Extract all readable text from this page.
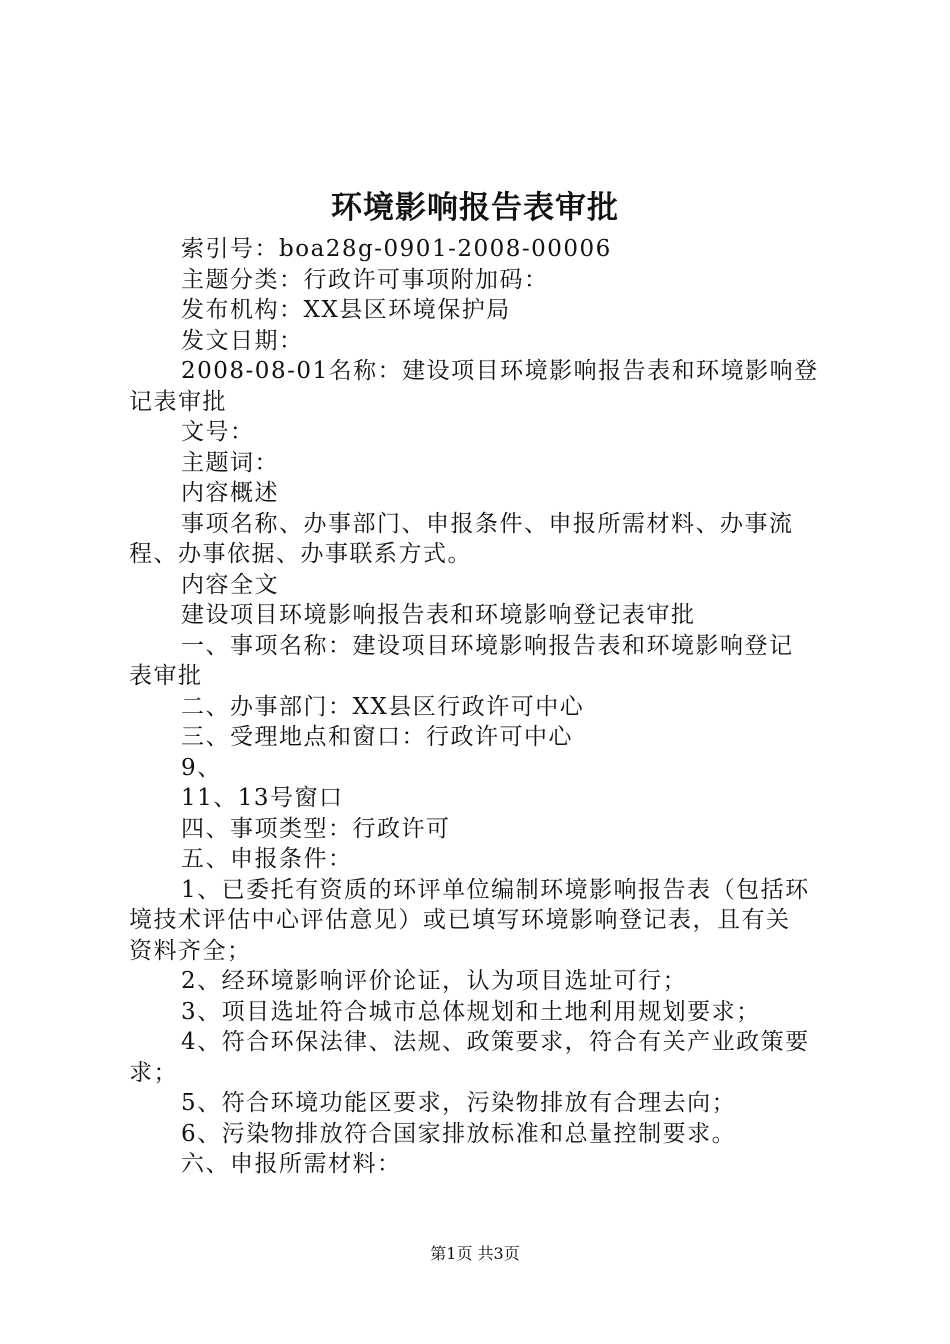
环境影响报告表审批

索引号：boa28g-0901-2008-00006

主题分类：行政许可事项附加码：

发布机构：XX县区环境保护局

发文日期：

2008-08-01名称：建设项目环境影响报告表和环境影响登

记表审批

文号：

主题词：

内容概述

事项名称、办事部门、申报条件、申报所需材料、办事流

程、办事依据、办事联系方式。

内容全文

建设项目环境影响报告表和环境影响登记表审批

一、事项名称：建设项目环境影响报告表和环境影响登记

表审批

二、办事部门：XX县区行政许可中心

三、受理地点和窗口：行政许可中心

9、

11、13号窗口

四、事项类型：行政许可

五、申报条件：

1、已委托有资质的环评单位编制环境影响报告表（包括环

境技术评估中心评估意见）或已填写环境影响登记表，且有关

资料齐全；

2、经环境影响评价论证，认为项目选址可行；

3、项目选址符合城市总体规划和土地利用规划要求；

4、符合环保法律、法规、政策要求，符合有关产业政策要

求；

5、符合环境功能区要求，污染物排放有合理去向；

6、污染物排放符合国家排放标准和总量控制要求。

六、申报所需材料：

第1页 共3页
